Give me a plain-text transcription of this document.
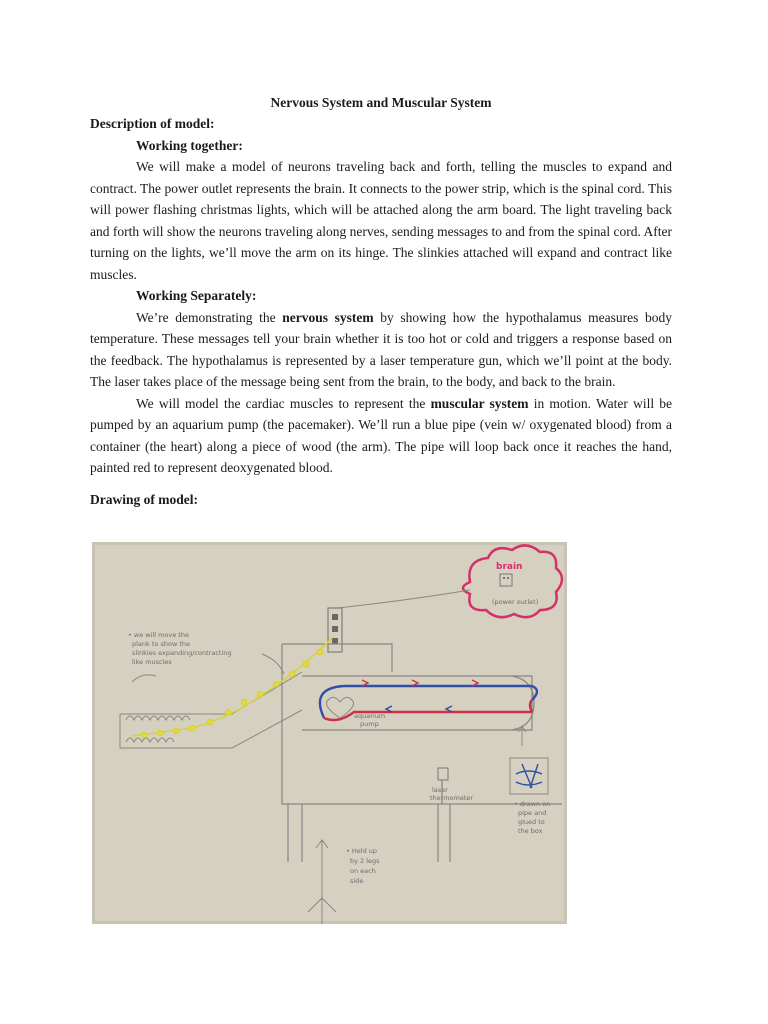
Nervous System and Muscular System

Description of model:

Working together:

We will make a model of neurons traveling back and forth, telling the muscles to expand and contract. The power outlet represents the brain. It connects to the power strip, which is the spinal cord. This will power flashing christmas lights, which will be attached along the arm board. The light traveling back and forth will show the neurons traveling along nerves, sending messages to and from the spinal cord. After turning on the lights, we’ll move the arm on its hinge. The slinkies attached will expand and contract like muscles.

Working Separately:

We’re demonstrating the nervous system by showing how the hypothalamus measures body temperature. These messages tell your brain whether it is too hot or cold and triggers a response based on the feedback. The hypothalamus is represented by a laser temperature gun, which we’ll point at the body. The laser takes place of the message being sent from the brain, to the body, and back to the brain.

We will model the cardiac muscles to represent the muscular system in motion. Water will be pumped by an aquarium pump (the pacemaker). We’ll run a blue pipe (vein w/ oxygenated blood) from a container (the heart) along a piece of wood (the arm). The pipe will loop back once it reaches the hand, painted red to represent deoxygenated blood.

Drawing of model:

brain
(power outlet)
aquarium
pump
• we will move the
plank to show the
slinkies expanding/contracting
like muscles
laser
thermometer
• drawn on
pipe and
glued to
the box
• Held up
by 2 legs
on each
side
